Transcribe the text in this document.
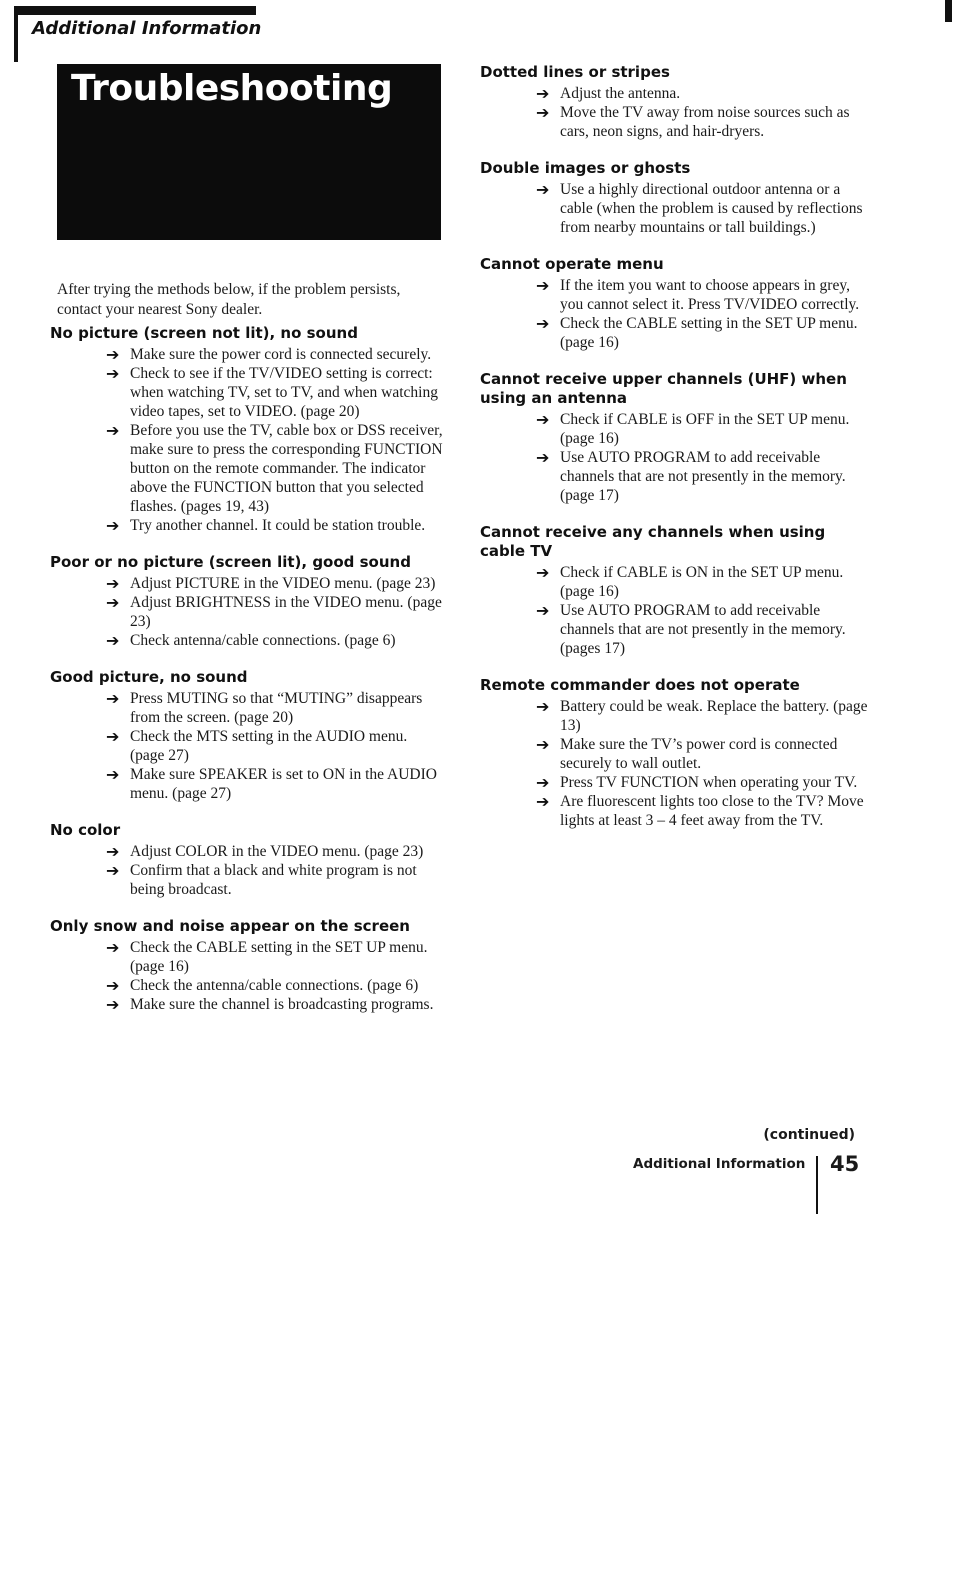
Additional Information
Troubleshooting

After trying the methods below, if the problem persists, contact your nearest Sony dealer.

No picture (screen not lit), no sound
➔ Make sure the power cord is connected securely.
➔ Check to see if the TV/VIDEO setting is correct: when watching TV, set to TV, and when watching video tapes, set to VIDEO. (page 20)
➔ Before you use the TV, cable box or DSS receiver, make sure to press the corresponding FUNCTION button on the remote commander. The indicator above the FUNCTION button that you selected flashes. (pages 19, 43)
➔ Try another channel. It could be station trouble.
Poor or no picture (screen lit), good sound
➔ Adjust PICTURE in the VIDEO menu. (page 23)
➔ Adjust BRIGHTNESS in the VIDEO menu. (page 23)
➔ Check antenna/cable connections. (page 6)
Good picture, no sound
➔ Press MUTING so that “MUTING” disappears from the screen. (page 20)
➔ Check the MTS setting in the AUDIO menu. (page 27)
➔ Make sure SPEAKER is set to ON in the AUDIO menu. (page 27)
No color
➔ Adjust COLOR in the VIDEO menu. (page 23)
➔ Confirm that a black and white program is not being broadcast.
Only snow and noise appear on the screen
➔ Check the CABLE setting in the SET UP menu. (page 16)
➔ Check the antenna/cable connections. (page 6)
➔ Make sure the channel is broadcasting programs.
Dotted lines or stripes
➔ Adjust the antenna.
➔ Move the TV away from noise sources such as cars, neon signs, and hair-dryers.
Double images or ghosts
➔ Use a highly directional outdoor antenna or a cable (when the problem is caused by reflections from nearby mountains or tall buildings.)
Cannot operate menu
➔ If the item you want to choose appears in grey, you cannot select it. Press TV/VIDEO correctly.
➔ Check the CABLE setting in the SET UP menu. (page 16)
Cannot receive upper channels (UHF) when using an antenna
➔ Check if CABLE is OFF in the SET UP menu. (page 16)
➔ Use AUTO PROGRAM to add receivable channels that are not presently in the memory. (page 17)
Cannot receive any channels when using cable TV
➔ Check if CABLE is ON in the SET UP menu. (page 16)
➔ Use AUTO PROGRAM to add receivable channels that are not presently in the memory. (pages 17)
Remote commander does not operate
➔ Battery could be weak. Replace the battery. (page 13)
➔ Make sure the TV’s power cord is connected securely to wall outlet.
➔ Press TV FUNCTION when operating your TV.
➔ Are fluorescent lights too close to the TV? Move lights at least 3 – 4 feet away from the TV.
(continued)
Additional Information 45
